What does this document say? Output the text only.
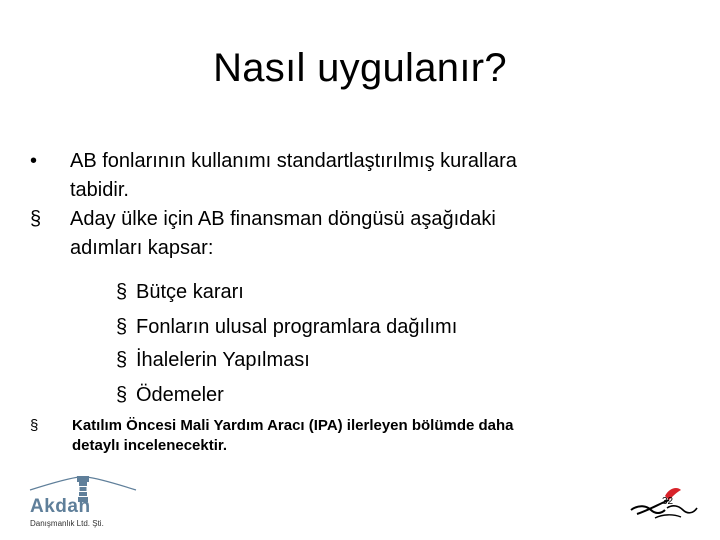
Nasıl uygulanır?
• AB fonlarının kullanımı standartlaştırılmış kurallara
tabidir.
§ Aday ülke için AB finansman döngüsü aşağıdaki
adımları kapsar:
§ Bütçe kararı
§ Fonların ulusal programlara dağılımı
§ İhalelerin Yapılması
§ Ödemeler
§ Katılım Öncesi Mali Yardım Aracı (IPA) ilerleyen bölümde daha
detaylı incelenecektir.
Akdan
Danışmanlık Ltd. Şti.
32
